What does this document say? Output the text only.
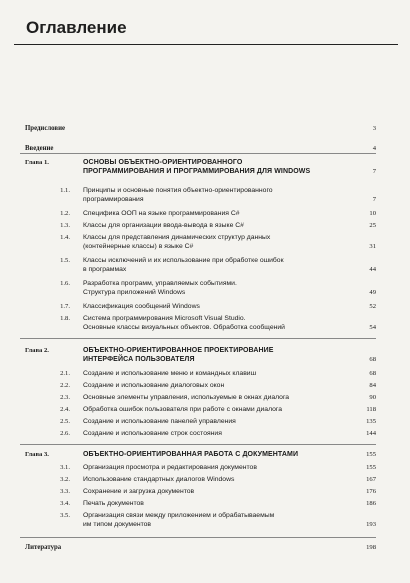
Оглавление
Предисловие	3
Введение	4
Глава 1.	ОСНОВЫ ОБЪЕКТНО-ОРИЕНТИРОВАННОГО
ПРОГРАММИРОВАНИЯ И ПРОГРАММИРОВАНИЯ ДЛЯ WINDOWS	7
1.1. Принципы и основные понятия объектно-ориентированного
программирования	7
1.2. Специфика ООП на языке программирования C#	10
1.3. Классы для организации ввода-вывода в языке C#	25
1.4. Классы для представления динамических структур данных
(контейнерные классы) в языке C#	31
1.5. Классы исключений и их использование при обработке ошибок
в программах	44
1.6. Разработка программ, управляемых событиями.
Структура приложений Windows	49
1.7. Классификация сообщений Windows	52
1.8. Система программирования Microsoft Visual Studio.
Основные классы визуальных объектов. Обработка сообщений	54
Глава 2.	ОБЪЕКТНО-ОРИЕНТИРОВАННОЕ ПРОЕКТИРОВАНИЕ
ИНТЕРФЕЙСА ПОЛЬЗОВАТЕЛЯ	68
2.1. Создание и использование меню и командных клавиш	68
2.2. Создание и использование диалоговых окон	84
2.3. Основные элементы управления, используемые в окнах диалога	90
2.4. Обработка ошибок пользователя при работе с окнами диалога	118
2.5. Создание и использование панелей управления	135
2.6. Создание и использование строк состояния	144
Глава 3.	ОБЪЕКТНО-ОРИЕНТИРОВАННАЯ РАБОТА С ДОКУМЕНТАМИ	155
3.1. Организация просмотра и редактирования документов	155
3.2. Использование стандартных диалогов Windows	167
3.3. Сохранение и загрузка документов	176
3.4. Печать документов	186
3.5. Организация связи между приложением и обрабатываемым
им типом документов	193
Литература	198
